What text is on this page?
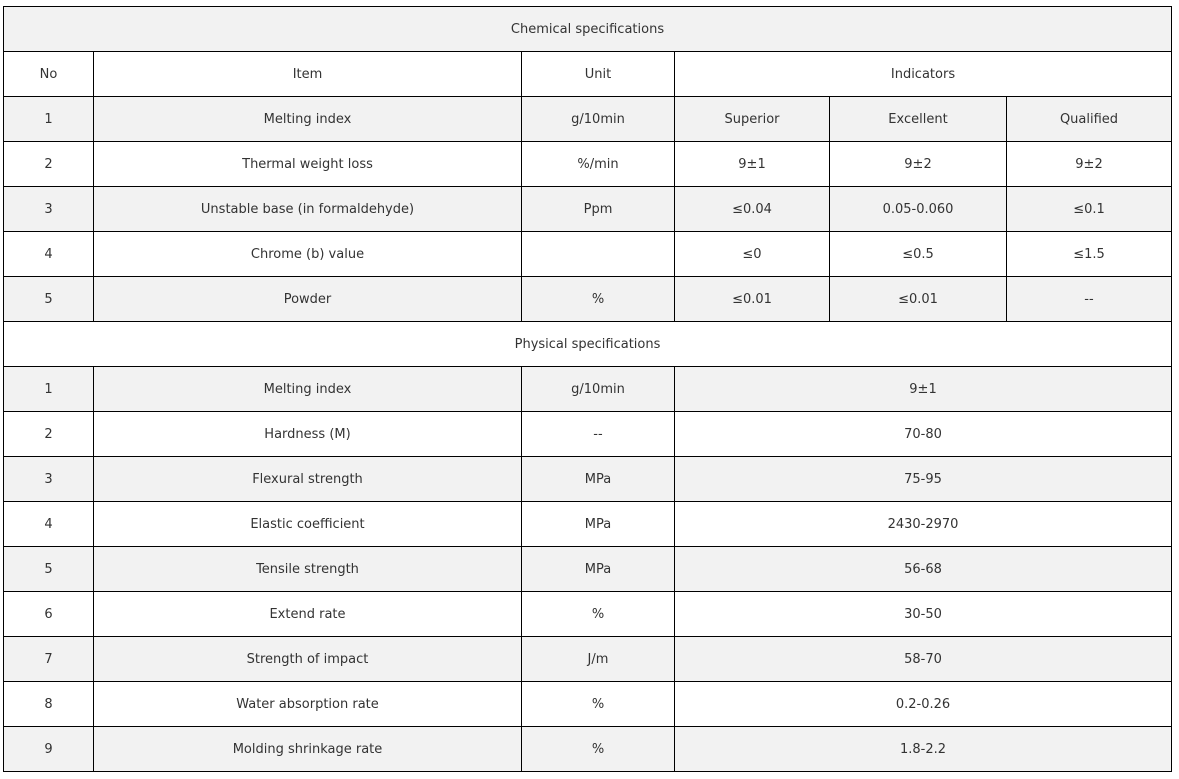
Chemical specifications					
No	Item	Unit	Indicators		
1	Melting index	g/10min	Superior	Excellent	Qualified
2	Thermal weight loss	%/min	9±1	9±2	9±2
3	Unstable base (in formaldehyde)	Ppm	≤0.04	0.05-0.060	≤0.1
4	Chrome (b) value		≤0	≤0.5	≤1.5
5	Powder	%	≤0.01	≤0.01	--
Physical specifications					
1	Melting index	g/10min	9±1		
2	Hardness (M)	--	70-80		
3	Flexural strength	MPa	75-95		
4	Elastic coefficient	MPa	2430-2970		
5	Tensile strength	MPa	56-68		
6	Extend rate	%	30-50		
7	Strength of impact	J/m	58-70		
8	Water absorption rate	%	0.2-0.26		
9	Molding shrinkage rate	%	1.8-2.2		
